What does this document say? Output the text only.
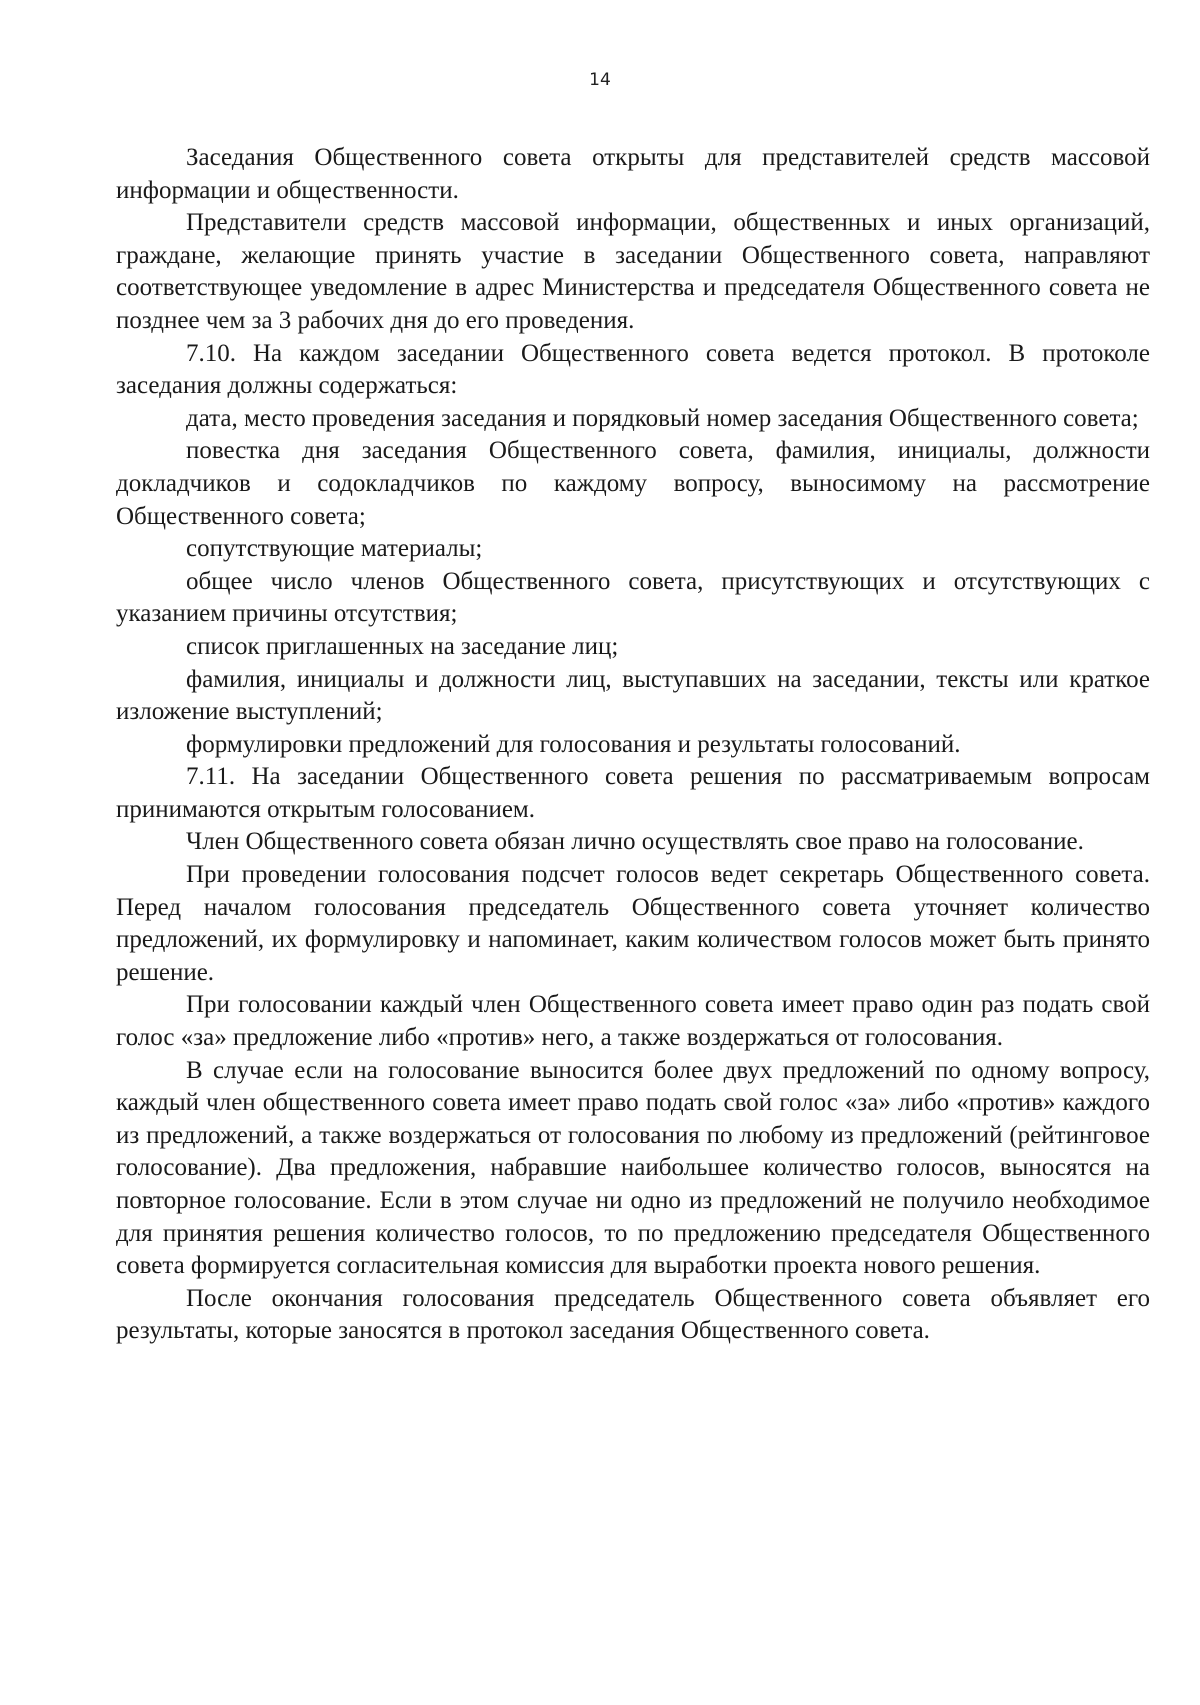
14

Заседания Общественного совета открыты для представителей средств массовой информации и общественности.

Представители средств массовой информации, общественных и иных организаций, граждане, желающие принять участие в заседании Общественного совета, направляют соответствующее уведомление в адрес Министерства и председателя Общественного совета не позднее чем за 3 рабочих дня до его проведения.

7.10. На каждом заседании Общественного совета ведется протокол. В протоколе заседания должны содержаться:

дата, место проведения заседания и порядковый номер заседания Общественного совета;

повестка дня заседания Общественного совета, фамилия, инициалы, должности докладчиков и содокладчиков по каждому вопросу, выносимому на рассмотрение Общественного совета;

сопутствующие материалы;

общее число членов Общественного совета, присутствующих и отсутствующих с указанием причины отсутствия;

список приглашенных на заседание лиц;

фамилия, инициалы и должности лиц, выступавших на заседании, тексты или краткое изложение выступлений;

формулировки предложений для голосования и результаты голосований.

7.11. На заседании Общественного совета решения по рассматриваемым вопросам принимаются открытым голосованием.

Член Общественного совета обязан лично осуществлять свое право на голосование.

При проведении голосования подсчет голосов ведет секретарь Общественного совета. Перед началом голосования председатель Общественного совета уточняет количество предложений, их формулировку и напоминает, каким количеством голосов может быть принято решение.

При голосовании каждый член Общественного совета имеет право один раз подать свой голос «за» предложение либо «против» него, а также воздержаться от голосования.

В случае если на голосование выносится более двух предложений по одному вопросу, каждый член общественного совета имеет право подать свой голос «за» либо «против» каждого из предложений, а также воздержаться от голосования по любому из предложений (рейтинговое голосование). Два предложения, набравшие наибольшее количество голосов, выносятся на повторное голосование. Если в этом случае ни одно из предложений не получило необходимое для принятия решения количество голосов, то по предложению председателя Общественного совета формируется согласительная комиссия для выработки проекта нового решения.

После окончания голосования председатель Общественного совета объявляет его результаты, которые заносятся в протокол заседания Общественного совета.
